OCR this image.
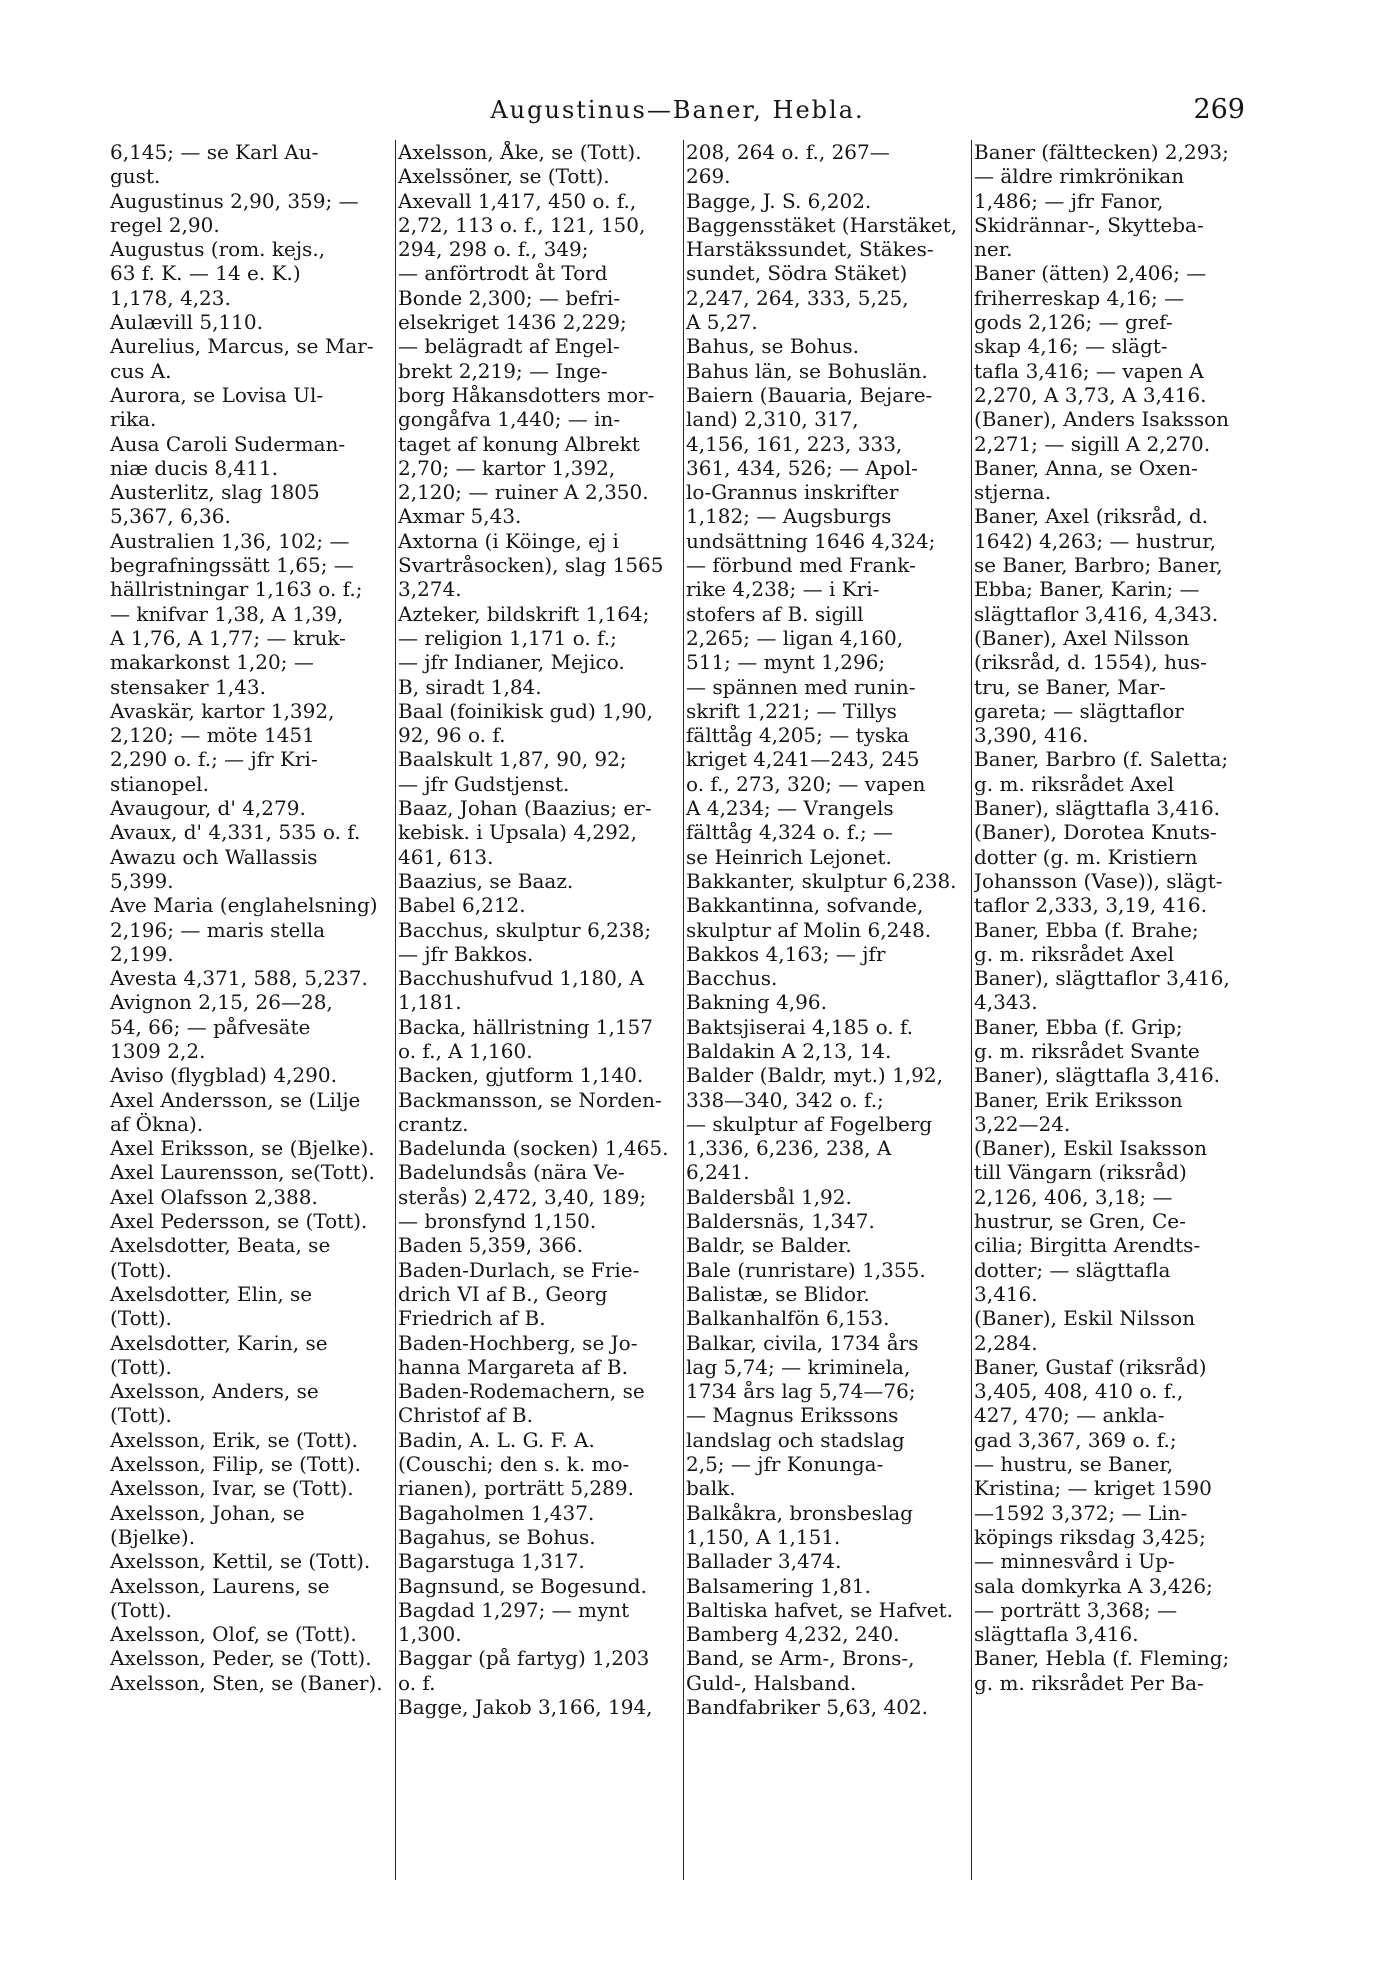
Augustinus—Baner, Hebla.	269
6,145; — se Karl Au-
gust.
Augustinus 2,90, 359; —
regel 2,90.
Augustus (rom. kejs.,
63 f. K. — 14 e. K.)
1,178, 4,23.
Aulævill 5,110.
Aurelius, Marcus, se Mar-
cus A.
Aurora, se Lovisa Ul-
rika.
Ausa Caroli Suderman-
niæ ducis 8,411.
Austerlitz, slag 1805
5,367, 6,36.
Australien 1,36, 102; —
begrafningssätt 1,65; —
hällristningar 1,163 o. f.;
— knifvar 1,38, A 1,39,
A 1,76, A 1,77; — kruk-
makarkonst 1,20; —
stensaker 1,43.
Avaskär, kartor 1,392,
2,120; — möte 1451
2,290 o. f.; — jfr Kri-
stianopel.
Avaugour, d' 4,279.
Avaux, d' 4,331, 535 o. f.
Awazu och Wallassis
5,399.
Ave Maria (englahelsning)
2,196; — maris stella
2,199.
Avesta 4,371, 588, 5,237.
Avignon 2,15, 26—28,
54, 66; — påfvesäte
1309 2,2.
Aviso (flygblad) 4,290.
Axel Andersson, se (Lilje
af Ökna).
Axel Eriksson, se (Bjelke).
Axel Laurensson, se(Tott).
Axel Olafsson 2,388.
Axel Pedersson, se (Tott).
Axelsdotter, Beata, se
(Tott).
Axelsdotter, Elin, se
(Tott).
Axelsdotter, Karin, se
(Tott).
Axelsson, Anders, se
(Tott).
Axelsson, Erik, se (Tott).
Axelsson, Filip, se (Tott).
Axelsson, Ivar, se (Tott).
Axelsson, Johan, se
(Bjelke).
Axelsson, Kettil, se (Tott).
Axelsson, Laurens, se
(Tott).
Axelsson, Olof, se (Tott).
Axelsson, Peder, se (Tott).
Axelsson, Sten, se (Baner).
Axelsson, Åke, se (Tott).
Axelssöner, se (Tott).
Axevall 1,417, 450 o. f.,
2,72, 113 o. f., 121, 150,
294, 298 o. f., 349;
— anförtrodt åt Tord
Bonde 2,300; — befri-
elsekriget 1436 2,229;
— belägradt af Engel-
brekt 2,219; — Inge-
borg Håkansdotters mor-
gongåfva 1,440; — in-
taget af konung Albrekt
2,70; — kartor 1,392,
2,120; — ruiner A 2,350.
Axmar 5,43.
Axtorna (i Köinge, ej i
Svartråsocken), slag 1565
3,274.
Azteker, bildskrift 1,164;
— religion 1,171 o. f.;
— jfr Indianer, Mejico.
B, siradt 1,84.
Baal (foinikisk gud) 1,90,
92, 96 o. f.
Baalskult 1,87, 90, 92;
— jfr Gudstjenst.
Baaz, Johan (Baazius; er-
kebisk. i Upsala) 4,292,
461, 613.
Baazius, se Baaz.
Babel 6,212.
Bacchus, skulptur 6,238;
— jfr Bakkos.
Bacchushufvud 1,180, A
1,181.
Backa, hällristning 1,157
o. f., A 1,160.
Backen, gjutform 1,140.
Backmansson, se Norden-
crantz.
Badelunda (socken) 1,465.
Badelundsås (nära Ve-
sterås) 2,472, 3,40, 189;
— bronsfynd 1,150.
Baden 5,359, 366.
Baden-Durlach, se Frie-
drich VI af B., Georg
Friedrich af B.
Baden-Hochberg, se Jo-
hanna Margareta af B.
Baden-Rodemachern, se
Christof af B.
Badin, A. L. G. F. A.
(Couschi; den s. k. mo-
rianen), porträtt 5,289.
Bagaholmen 1,437.
Bagahus, se Bohus.
Bagarstuga 1,317.
Bagnsund, se Bogesund.
Bagdad 1,297; — mynt
1,300.
Baggar (på fartyg) 1,203
o. f.
Bagge, Jakob 3,166, 194,
208, 264 o. f., 267—
269.
Bagge, J. S. 6,202.
Baggensstäket (Harstäket,
Harstäkssundet, Stäkes-
sundet, Södra Stäket)
2,247, 264, 333, 5,25,
A 5,27.
Bahus, se Bohus.
Bahus län, se Bohuslän.
Baiern (Bauaria, Bejare-
land) 2,310, 317,
4,156, 161, 223, 333,
361, 434, 526; — Apol-
lo-Grannus inskrifter
1,182; — Augsburgs
undsättning 1646 4,324;
— förbund med Frank-
rike 4,238; — i Kri-
stofers af B. sigill
2,265; — ligan 4,160,
511; — mynt 1,296;
— spännen med runin-
skrift 1,221; — Tillys
fälttåg 4,205; — tyska
kriget 4,241—243, 245
o. f., 273, 320; — vapen
A 4,234; — Vrangels
fälttåg 4,324 o. f.; —
se Heinrich Lejonet.
Bakkanter, skulptur 6,238.
Bakkantinna, sofvande,
skulptur af Molin 6,248.
Bakkos 4,163; — jfr
Bacchus.
Bakning 4,96.
Baktsjiserai 4,185 o. f.
Baldakin A 2,13, 14.
Balder (Baldr, myt.) 1,92,
338—340, 342 o. f.;
— skulptur af Fogelberg
1,336, 6,236, 238, A
6,241.
Baldersbål 1,92.
Baldersnäs, 1,347.
Baldr, se Balder.
Bale (runristare) 1,355.
Balistæ, se Blidor.
Balkanhalfön 6,153.
Balkar, civila, 1734 års
lag 5,74; — kriminela,
1734 års lag 5,74—76;
— Magnus Erikssons
landslag och stadslag
2,5; — jfr Konunga-
balk.
Balkåkra, bronsbeslag
1,150, A 1,151.
Ballader 3,474.
Balsamering 1,81.
Baltiska hafvet, se Hafvet.
Bamberg 4,232, 240.
Band, se Arm-, Brons-,
Guld-, Halsband.
Bandfabriker 5,63, 402.
Baner (fälttecken) 2,293;
— äldre rimkrönikan
1,486; — jfr Fanor,
Skidrännar-, Skytteba-
ner.
Baner (ätten) 2,406; —
friherreskap 4,16; —
gods 2,126; — gref-
skap 4,16; — slägt-
tafla 3,416; — vapen A
2,270, A 3,73, A 3,416.
(Baner), Anders Isaksson
2,271; — sigill A 2,270.
Baner, Anna, se Oxen-
stjerna.
Baner, Axel (riksråd, d.
1642) 4,263; — hustrur,
se Baner, Barbro; Baner,
Ebba; Baner, Karin; —
slägttaflor 3,416, 4,343.
(Baner), Axel Nilsson
(riksråd, d. 1554), hus-
tru, se Baner, Mar-
gareta; — slägttaflor
3,390, 416.
Baner, Barbro (f. Saletta;
g. m. riksrådet Axel
Baner), slägttafla 3,416.
(Baner), Dorotea Knuts-
dotter (g. m. Kristiern
Johansson (Vase)), slägt-
taflor 2,333, 3,19, 416.
Baner, Ebba (f. Brahe;
g. m. riksrådet Axel
Baner), slägttaflor 3,416,
4,343.
Baner, Ebba (f. Grip;
g. m. riksrådet Svante
Baner), slägttafla 3,416.
Baner, Erik Eriksson
3,22—24.
(Baner), Eskil Isaksson
till Vängarn (riksråd)
2,126, 406, 3,18; —
hustrur, se Gren, Ce-
cilia; Birgitta Arendts-
dotter; — slägttafla
3,416.
(Baner), Eskil Nilsson
2,284.
Baner, Gustaf (riksråd)
3,405, 408, 410 o. f.,
427, 470; — ankla-
gad 3,367, 369 o. f.;
— hustru, se Baner,
Kristina; — kriget 1590
—1592 3,372; — Lin-
köpings riksdag 3,425;
— minnesvård i Up-
sala domkyrka A 3,426;
— porträtt 3,368; —
slägttafla 3,416.
Baner, Hebla (f. Fleming;
g. m. riksrådet Per Ba-
